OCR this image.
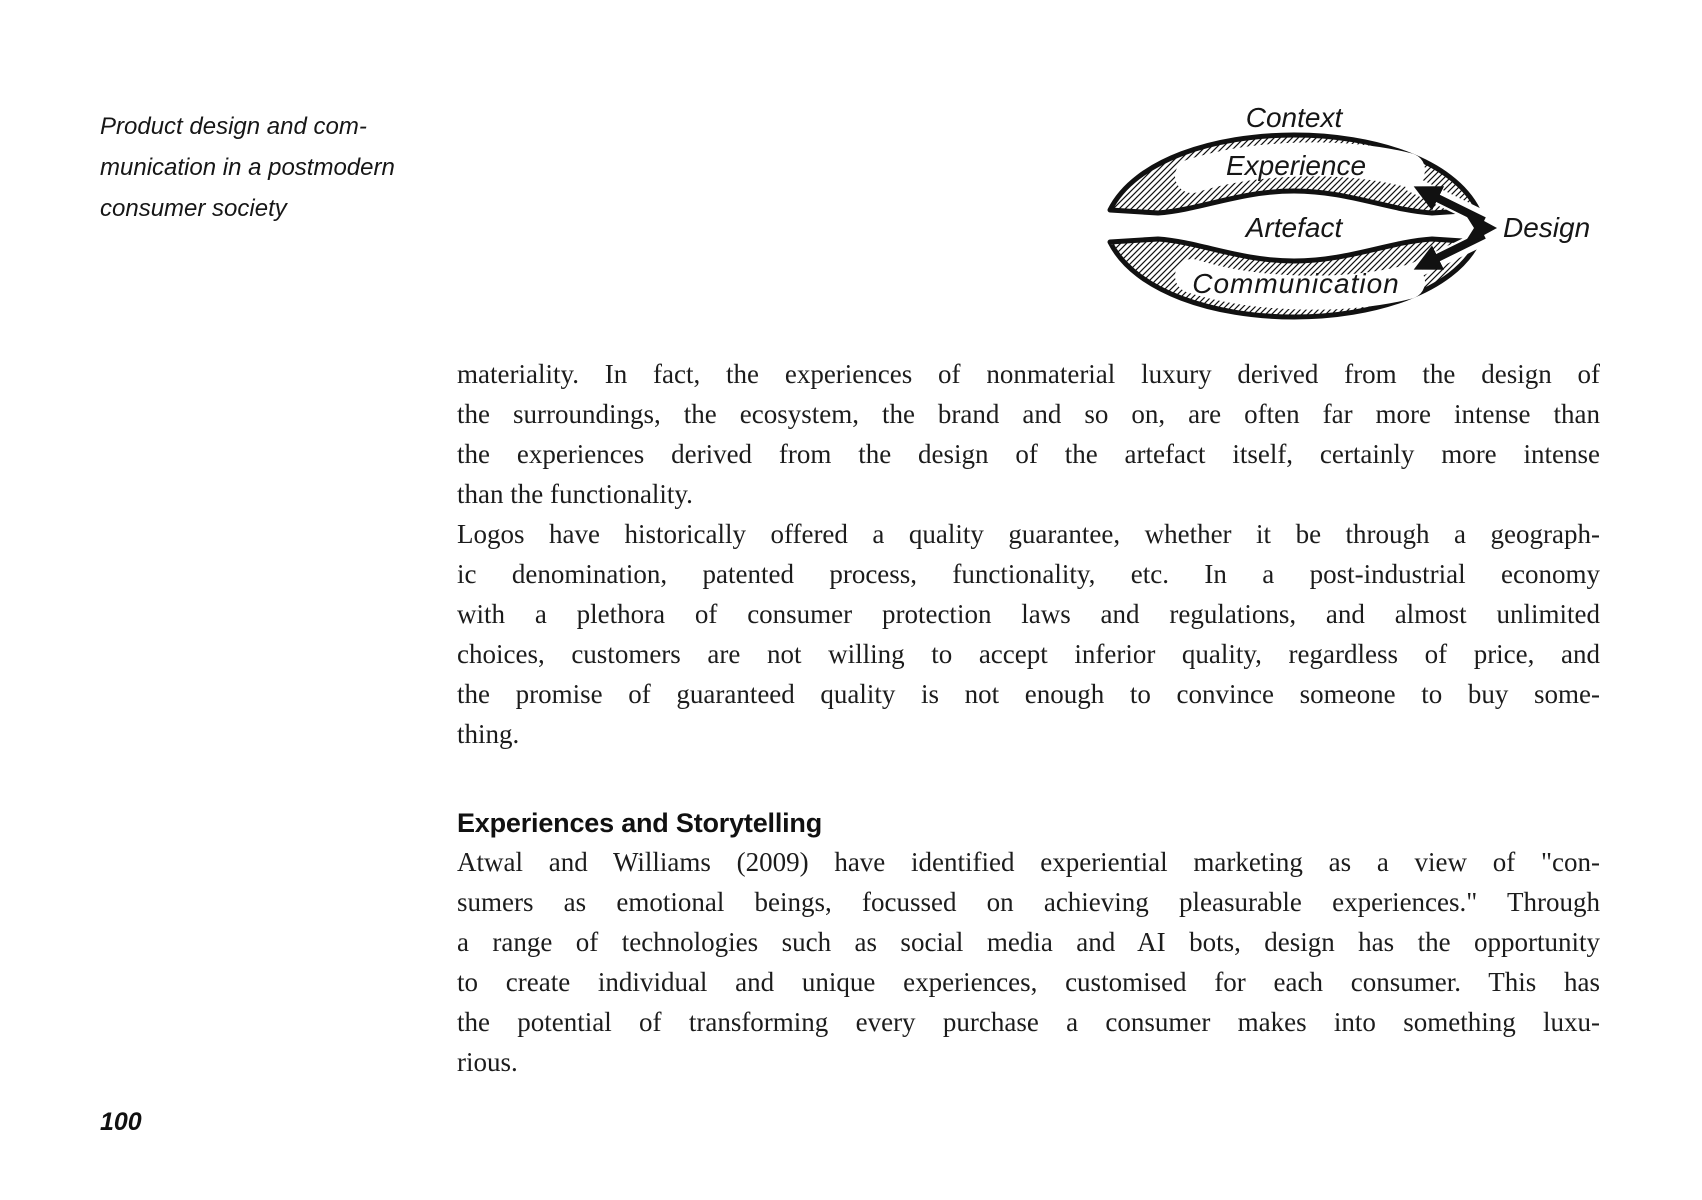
Product design and com-
munication in a postmodern
consumer society
Context
Experience
Artefact
Communication
Design
materiality. In fact, the experiences of nonmaterial luxury derived from the design of
the surroundings, the ecosystem, the brand and so on, are often far more intense than
the experiences derived from the design of the artefact itself, certainly more intense
than the functionality.
Logos have historically offered a quality guarantee, whether it be through a geograph-
ic denomination, patented process, functionality, etc. In a post-industrial economy
with a plethora of consumer protection laws and regulations, and almost unlimited
choices, customers are not willing to accept inferior quality, regardless of price, and
the promise of guaranteed quality is not enough to convince someone to buy some-
thing.
Experiences and Storytelling
Atwal and Williams (2009) have identified experiential marketing as a view of "con-
sumers as emotional beings, focussed on achieving pleasurable experiences." Through
a range of technologies such as social media and AI bots, design has the opportunity
to create individual and unique experiences, customised for each consumer. This has
the potential of transforming every purchase a consumer makes into something luxu-
rious.
100
